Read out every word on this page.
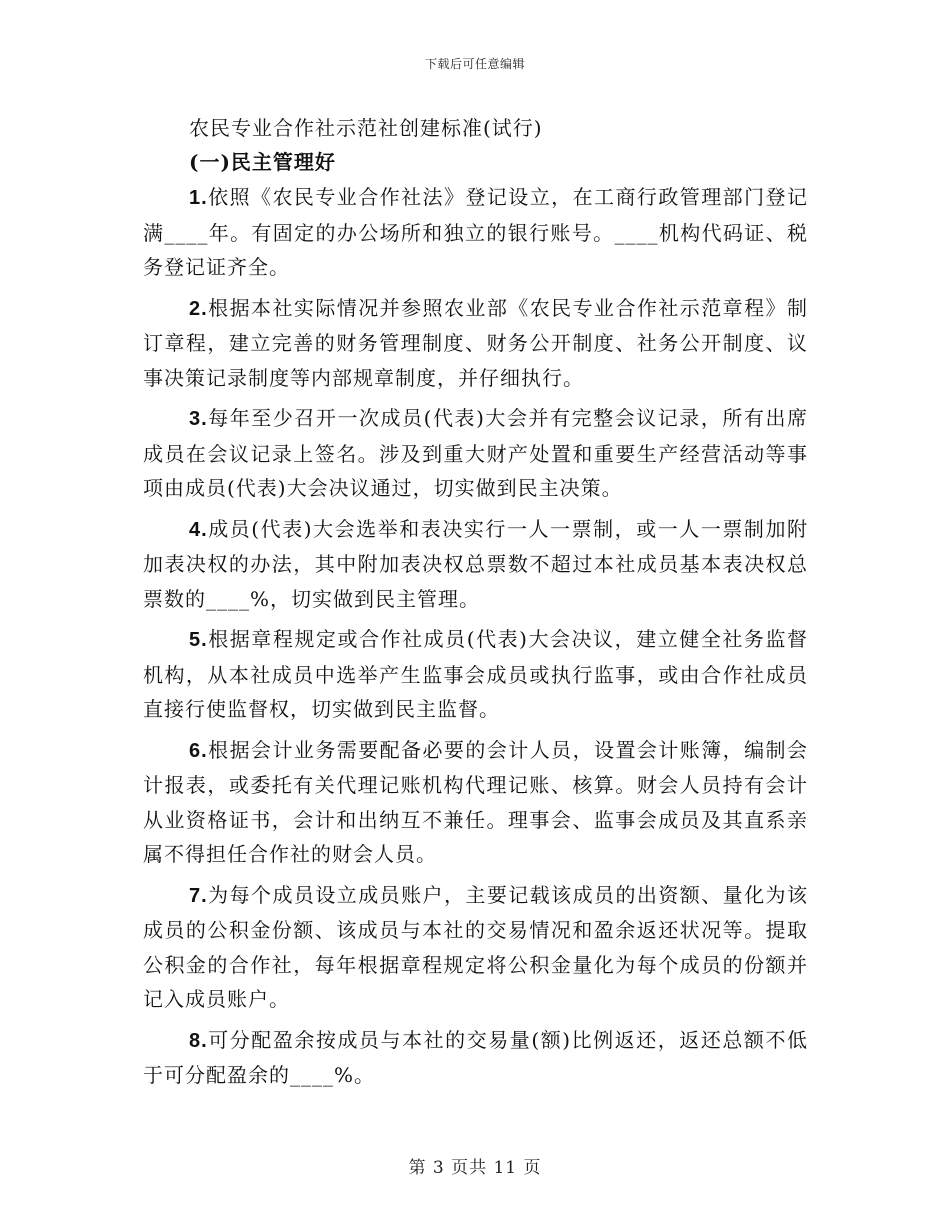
下载后可任意编辑
农民专业合作社示范社创建标准(试行)
(一)民主管理好

1.依照《农民专业合作社法》登记设立，在工商行政管理部门登记满____年。有固定的办公场所和独立的银行账号。____机构代码证、税务登记证齐全。

2.根据本社实际情况并参照农业部《农民专业合作社示范章程》制订章程，建立完善的财务管理制度、财务公开制度、社务公开制度、议事决策记录制度等内部规章制度，并仔细执行。

3.每年至少召开一次成员(代表)大会并有完整会议记录，所有出席成员在会议记录上签名。涉及到重大财产处置和重要生产经营活动等事项由成员(代表)大会决议通过，切实做到民主决策。

4.成员(代表)大会选举和表决实行一人一票制，或一人一票制加附加表决权的办法，其中附加表决权总票数不超过本社成员基本表决权总票数的____%，切实做到民主管理。

5.根据章程规定或合作社成员(代表)大会决议，建立健全社务监督机构，从本社成员中选举产生监事会成员或执行监事，或由合作社成员直接行使监督权，切实做到民主监督。

6.根据会计业务需要配备必要的会计人员，设置会计账簿，编制会计报表，或委托有关代理记账机构代理记账、核算。财会人员持有会计从业资格证书，会计和出纳互不兼任。理事会、监事会成员及其直系亲属不得担任合作社的财会人员。

7.为每个成员设立成员账户，主要记载该成员的出资额、量化为该成员的公积金份额、该成员与本社的交易情况和盈余返还状况等。提取公积金的合作社，每年根据章程规定将公积金量化为每个成员的份额并记入成员账户。

8.可分配盈余按成员与本社的交易量(额)比例返还，返还总额不低于可分配盈余的____%。

第 3 页共 11 页
